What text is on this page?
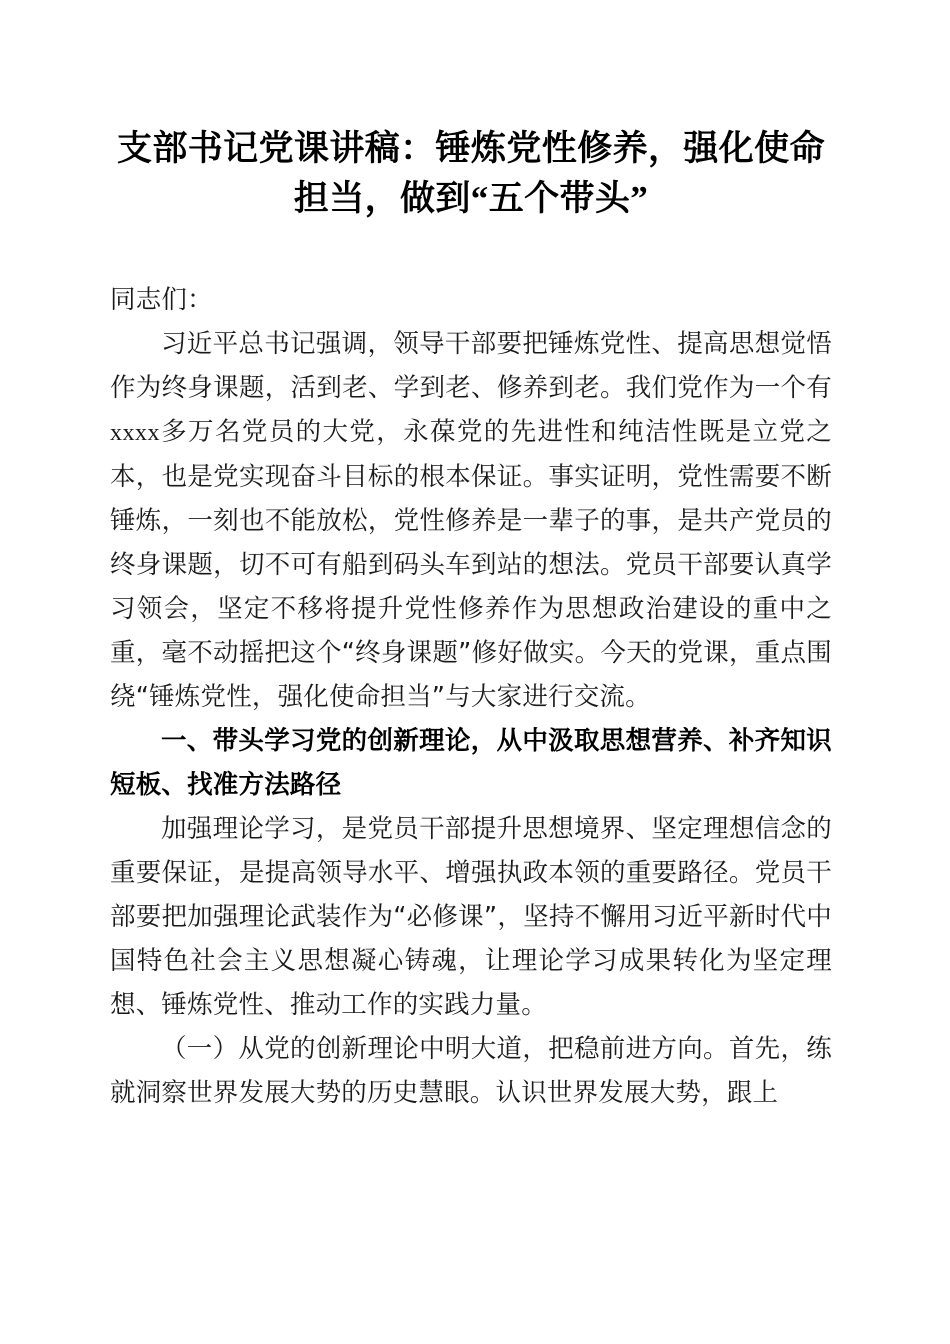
支部书记党课讲稿：锤炼党性修养，强化使命
担当，做到“五个带头”

同志们：

习近平总书记强调，领导干部要把锤炼党性、提高思想觉悟作为终身课题，活到老、学到老、修养到老。我们党作为一个有xxxx多万名党员的大党，永葆党的先进性和纯洁性既是立党之本，也是党实现奋斗目标的根本保证。事实证明，党性需要不断锤炼，一刻也不能放松，党性修养是一辈子的事，是共产党员的终身课题，切不可有船到码头车到站的想法。党员干部要认真学习领会，坚定不移将提升党性修养作为思想政治建设的重中之重，毫不动摇把这个“终身课题”修好做实。今天的党课，重点围绕“锤炼党性，强化使命担当”与大家进行交流。

一、带头学习党的创新理论，从中汲取思想营养、补齐知识短板、找准方法路径

加强理论学习，是党员干部提升思想境界、坚定理想信念的重要保证，是提高领导水平、增强执政本领的重要路径。党员干部要把加强理论武装作为“必修课”，坚持不懈用习近平新时代中国特色社会主义思想凝心铸魂，让理论学习成果转化为坚定理想、锤炼党性、推动工作的实践力量。

（一）从党的创新理论中明大道，把稳前进方向。首先，练就洞察世界发展大势的历史慧眼。认识世界发展大势，跟上
